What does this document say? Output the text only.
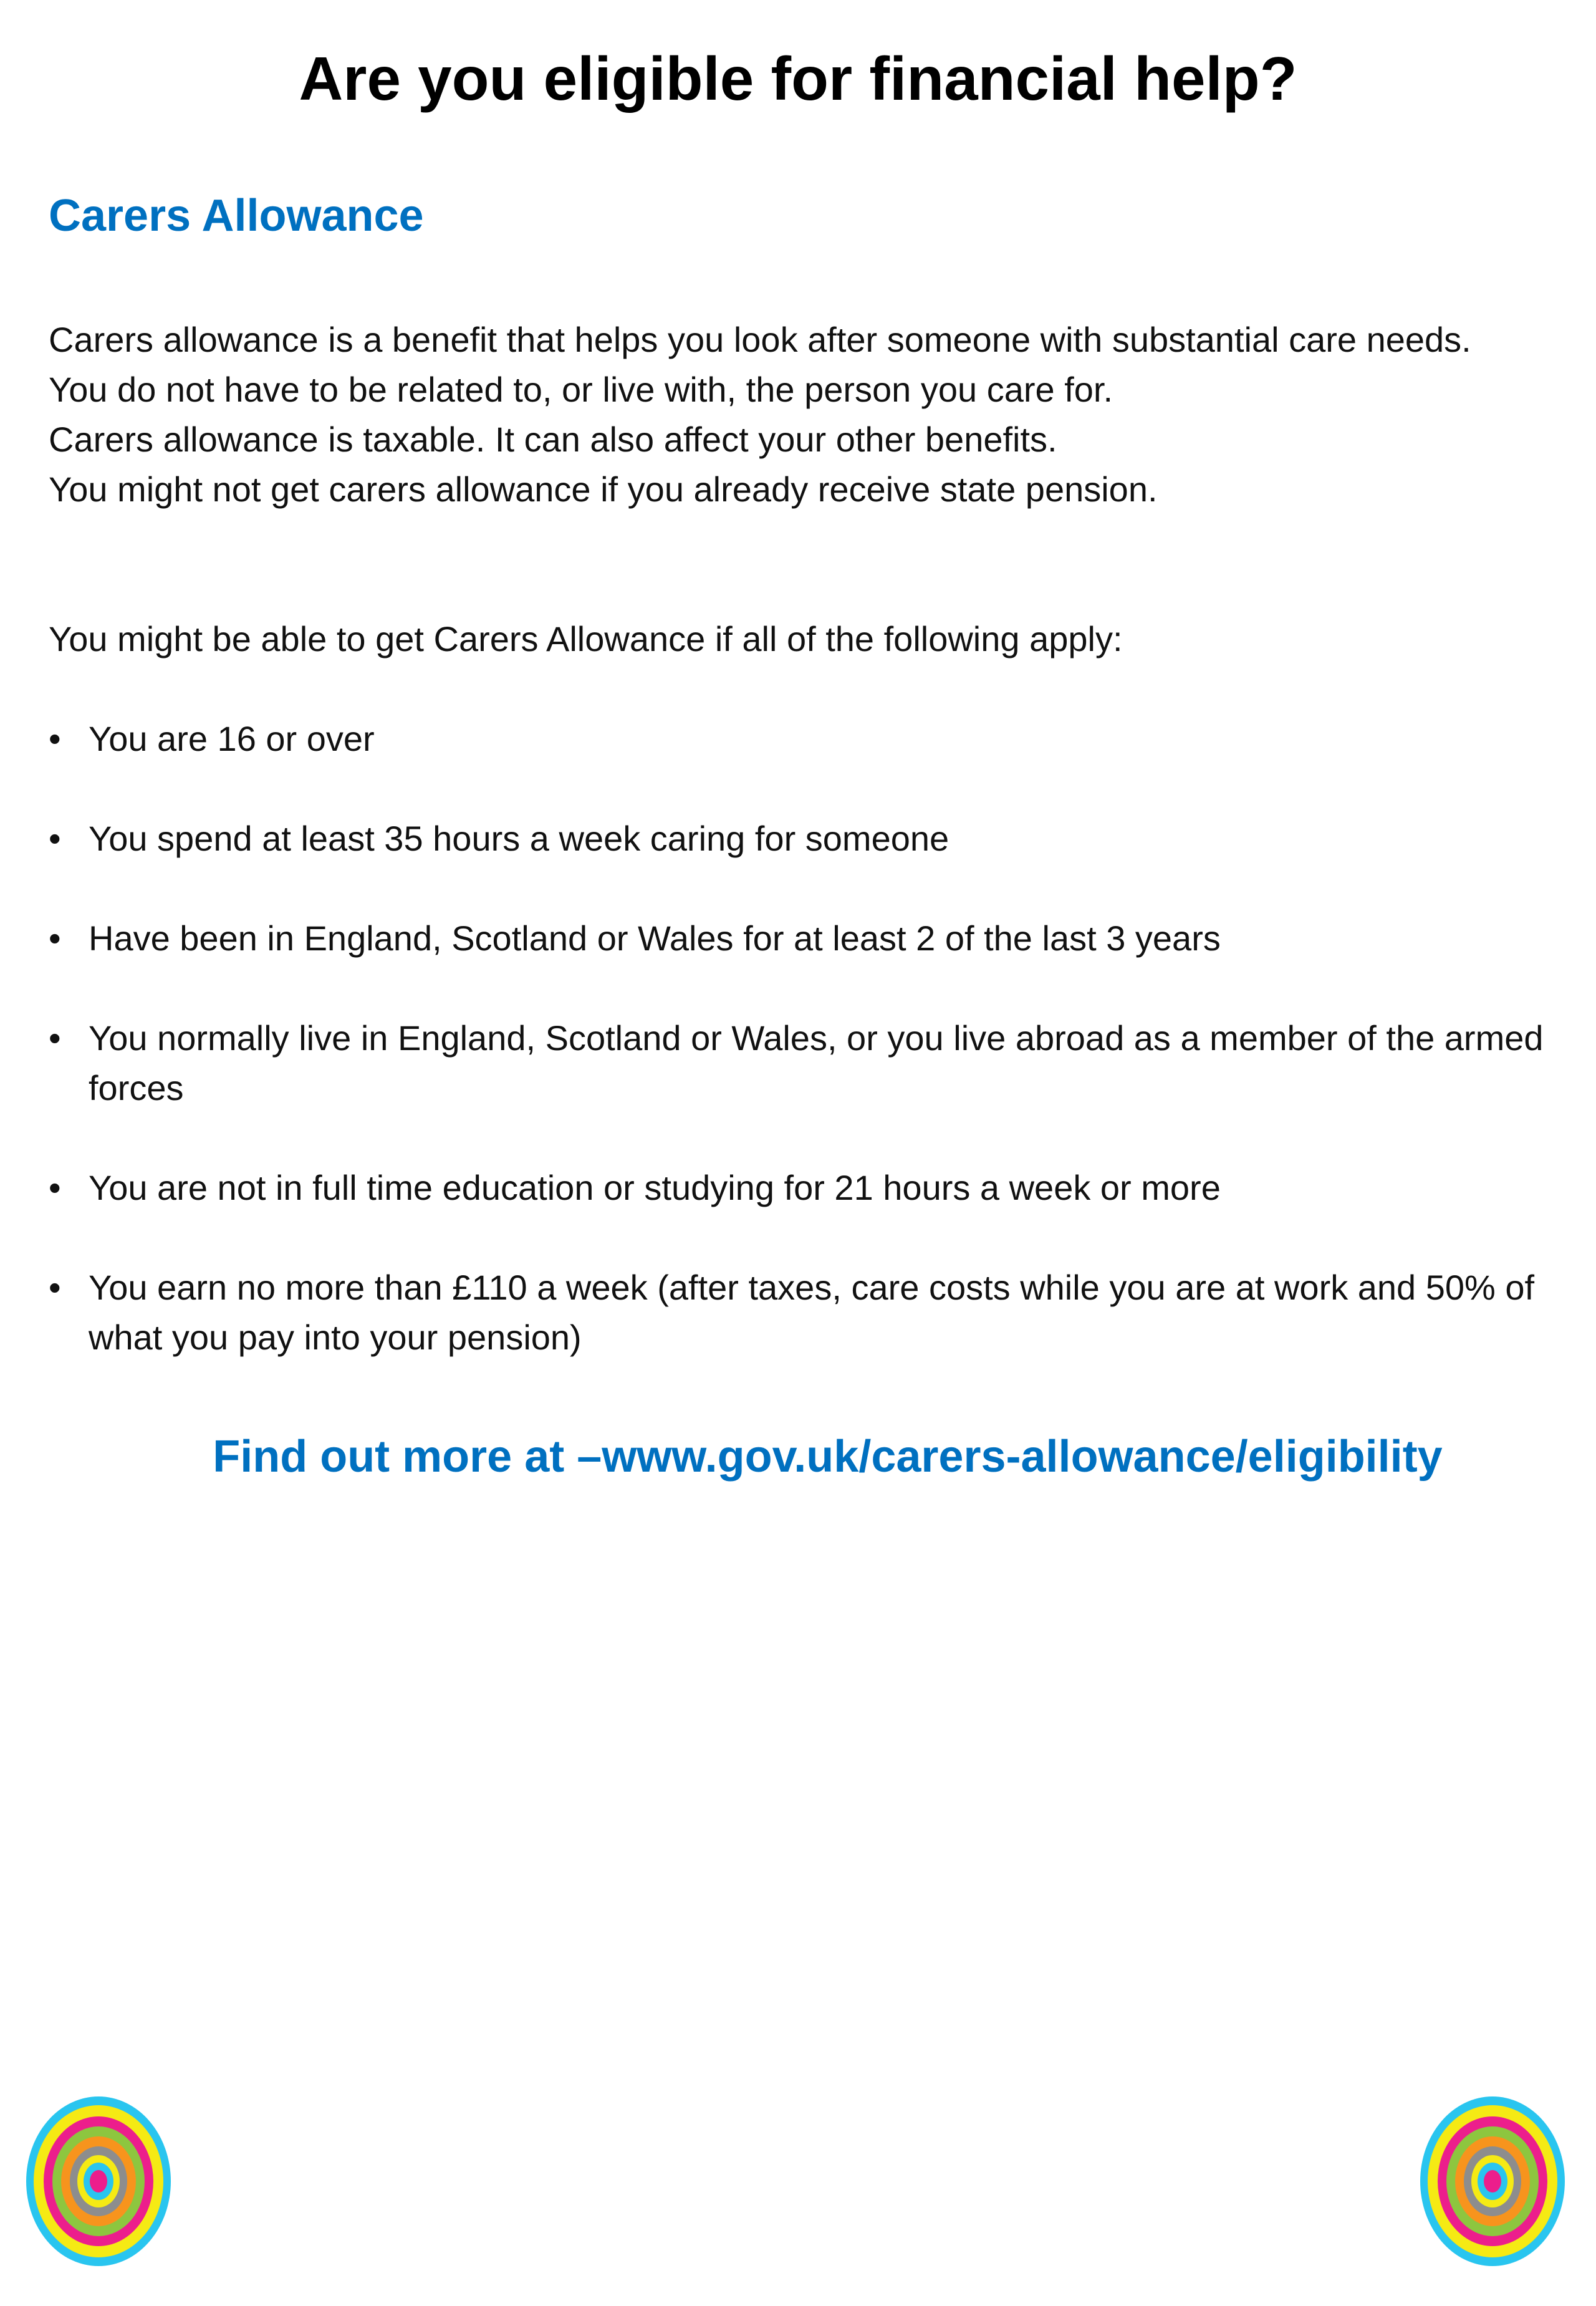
Are you eligible for financial help?
Carers Allowance

Carers allowance is a benefit that helps you look after someone with substantial care needs.

You do not have to be related to, or live with, the person you care for.

Carers allowance is taxable. It can also affect your other benefits.

You might not get carers allowance if you already receive state pension.

You might be able to get Carers Allowance if all of the following apply:

• You are 16 or over
• You spend at least 35 hours a week caring for someone
• Have been in England, Scotland or Wales for at least 2 of the last 3 years
• You normally live in England, Scotland or Wales, or you live abroad as a member of the armed forces
• You are not in full time education or studying for 21 hours a week or more
• You earn no more than £110 a week (after taxes, care costs while you are at work and 50% of what you pay into your pension)

Find out more at –www.gov.uk/carers-allowance/eligibility
